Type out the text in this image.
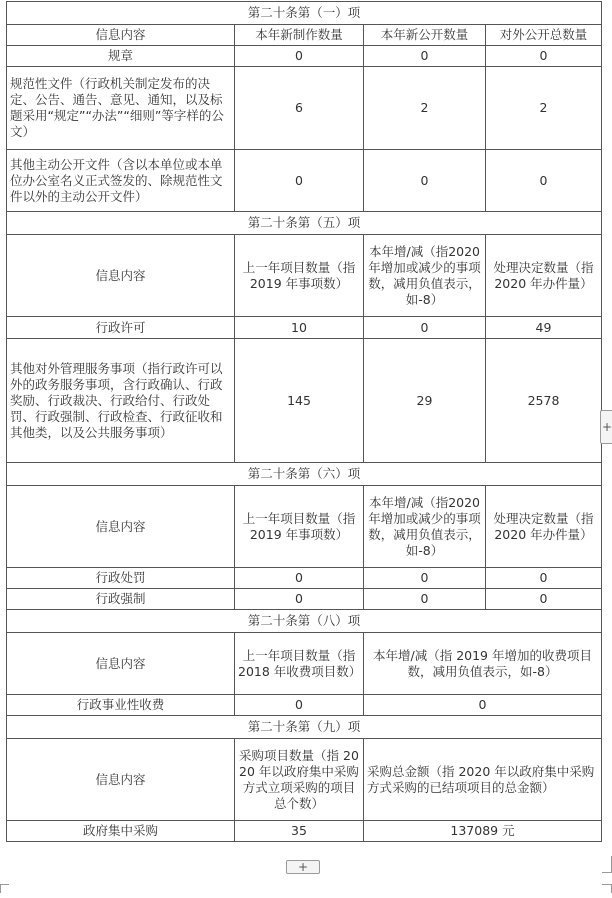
第二十条第（一）项			
信息内容	本年新制作数量	本年新公开数量	对外公开总数量
规章	0	0	0
规范性文件（行政机关制定发布的决定、公告、通告、意见、通知，以及标题采用“规定”“办法”“细则”等字样的公文）	6	2	2
其他主动公开文件（含以本单位或本单位办公室名义正式签发的、除规范性文件以外的主动公开文件）	0	0	0
第二十条第（五）项			
信息内容	上一年项目数量（指 2019 年事项数）	本年增/减（指2020 年增加或减少的事项数，减用负值表示，如-8）	处理决定数量（指 2020 年办件量）
行政许可	10	0	49
其他对外管理服务事项（指行政许可以外的政务服务事项，含行政确认、行政奖励、行政裁决、行政给付、行政处罚、行政强制、行政检查、行政征收和其他类，以及公共服务事项）	145	29	2578
第二十条第（六）项			
信息内容	上一年项目数量（指 2019 年事项数）	本年增/减（指2020 年增加或减少的事项数，减用负值表示，如-8）	处理决定数量（指 2020 年办件量）
行政处罚	0	0	0
行政强制	0	0	0
第二十条第（八）项			
信息内容	上一年项目数量（指 2018 年收费项目数）	本年增/减（指 2019 年增加的收费项目数，减用负值表示，如-8）	
行政事业性收费	0	0	
第二十条第（九）项			
信息内容	采购项目数量（指 2020 年以政府集中采购方式立项采购的项目总个数）	采购总金额（指 2020 年以政府集中采购方式采购的已结项项目的总金额）	
政府集中采购	35	137089 元	
+
+
